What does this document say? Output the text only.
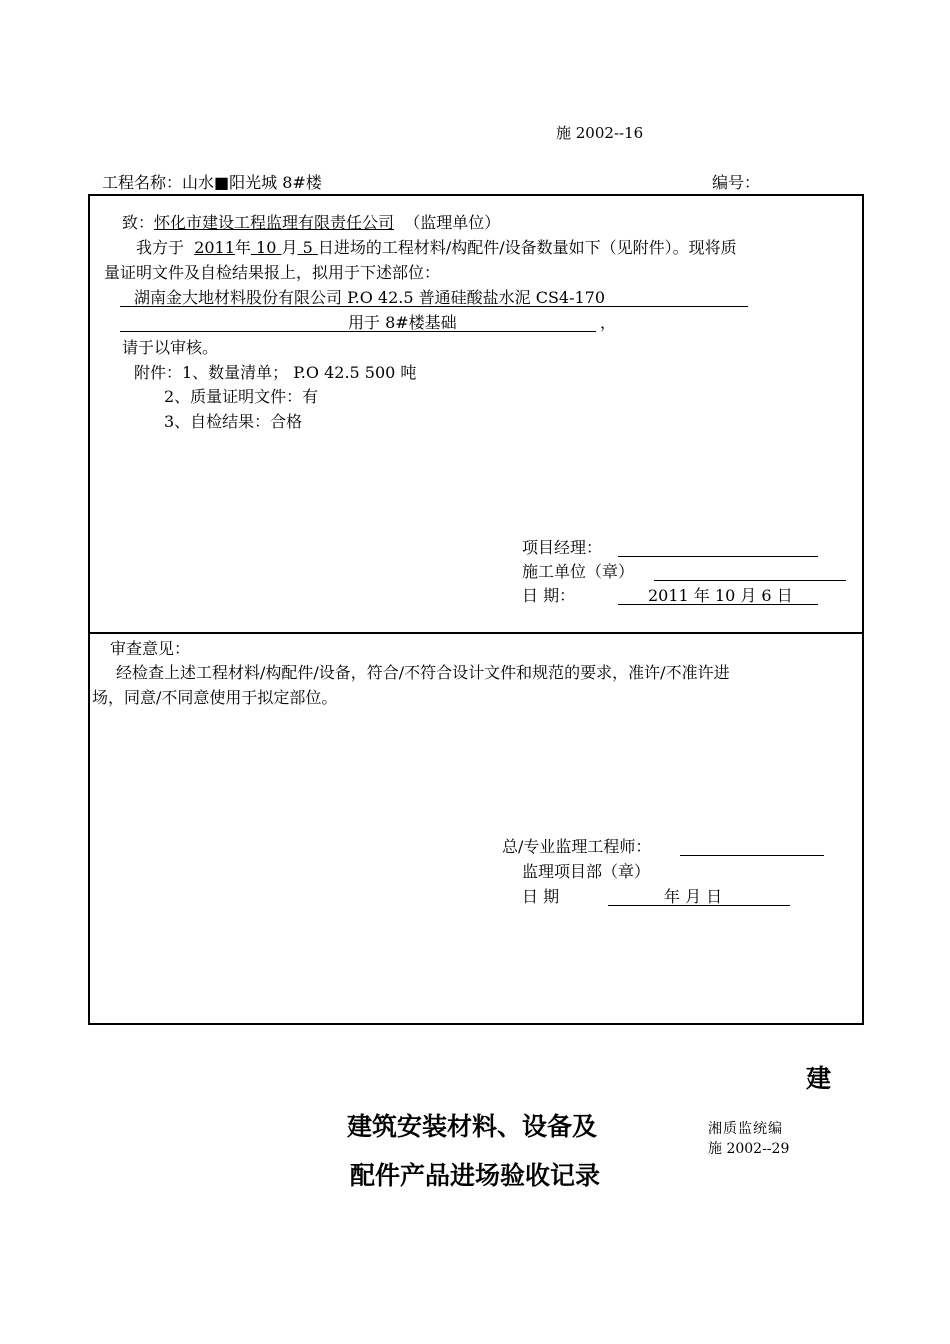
施 2002--16
工程名称：山水■阳光城 8#楼	编号：
致：怀化市建设工程监理有限责任公司 （监理单位）
我方于 2011年 10 月 5 日进场的工程材料/构配件/设备数量如下（见附件）。现将质
量证明文件及自检结果报上，拟用于下述部位：
湖南金大地材料股份有限公司 P.O 42.5 普通硅酸盐水泥 CS4-170
用于 8#楼基础	，
请于以审核。
附件：1、数量清单； P.O 42.5 500 吨
2、质量证明文件：有
3、自检结果：合格
项目经理：
施工单位（章）
日 期：	2011 年 10 月 6 日
审查意见：
经检查上述工程材料/构配件/设备，符合/不符合设计文件和规范的要求，准许/不准许进
场，同意/不同意使用于拟定部位。
总/专业监理工程师：
监理项目部（章）
日 期	年 月 日
建
建筑安装材料、设备及
配件产品进场验收记录
湘质监统编
施 2002--29
